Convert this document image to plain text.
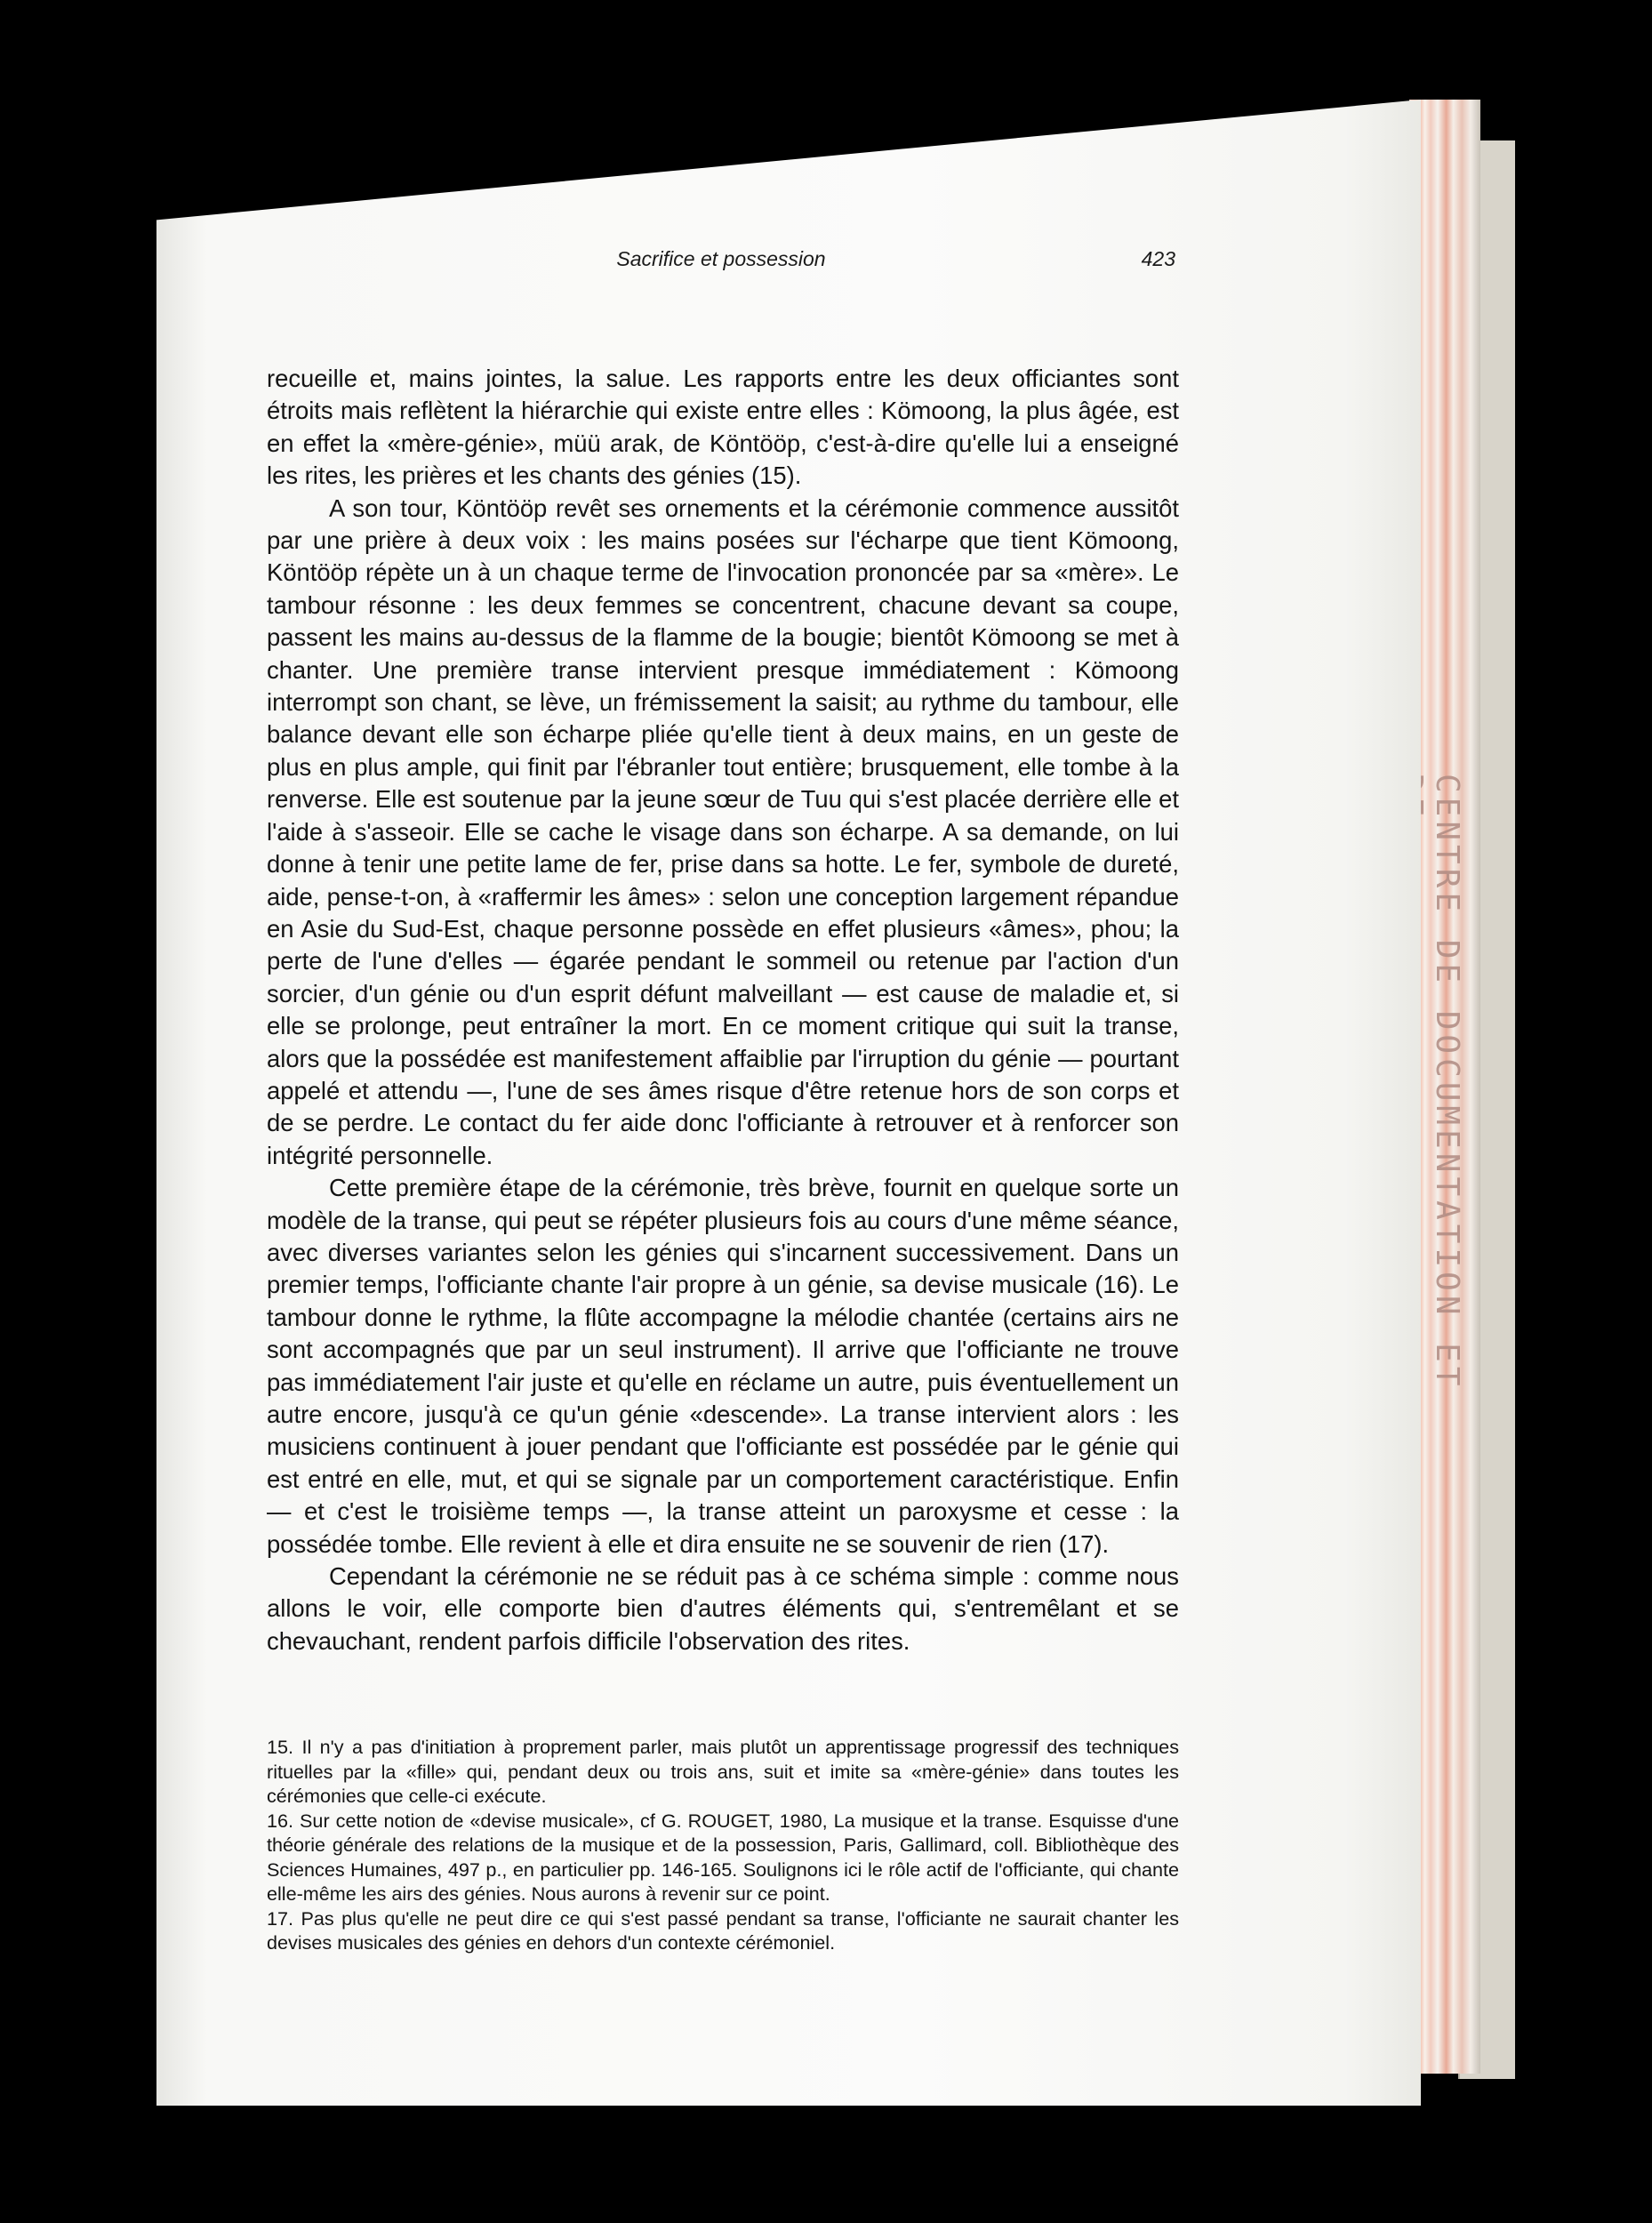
CENTRE DE DOCUMENTATION ET
Sacrifice et possession	423

recueille et, mains jointes, la salue. Les rapports entre les deux officiantes sont étroits mais reflètent la hiérarchie qui existe entre elles : Kömoong, la plus âgée, est en effet la «mère-génie», müü arak, de Köntööp, c'est-à-dire qu'elle lui a enseigné les rites, les prières et les chants des génies (15).

A son tour, Köntööp revêt ses ornements et la cérémonie commence aussitôt par une prière à deux voix : les mains posées sur l'écharpe que tient Kömoong, Köntööp répète un à un chaque terme de l'invocation prononcée par sa «mère». Le tambour résonne : les deux femmes se concentrent, chacune devant sa coupe, passent les mains au-dessus de la flamme de la bougie; bientôt Kömoong se met à chanter. Une première transe intervient presque immédiatement : Kömoong interrompt son chant, se lève, un frémissement la saisit; au rythme du tambour, elle balance devant elle son écharpe pliée qu'elle tient à deux mains, en un geste de plus en plus ample, qui finit par l'ébranler tout entière; brusquement, elle tombe à la renverse. Elle est soutenue par la jeune sœur de Tuu qui s'est placée derrière elle et l'aide à s'asseoir. Elle se cache le visage dans son écharpe. A sa demande, on lui donne à tenir une petite lame de fer, prise dans sa hotte. Le fer, symbole de dureté, aide, pense-t-on, à «raffermir les âmes» : selon une conception largement répandue en Asie du Sud-Est, chaque personne possède en effet plusieurs «âmes», phou; la perte de l'une d'elles — égarée pendant le sommeil ou retenue par l'action d'un sorcier, d'un génie ou d'un esprit défunt malveillant — est cause de maladie et, si elle se prolonge, peut entraîner la mort. En ce moment critique qui suit la transe, alors que la possédée est manifestement affaiblie par l'irruption du génie — pourtant appelé et attendu —, l'une de ses âmes risque d'être retenue hors de son corps et de se perdre. Le contact du fer aide donc l'officiante à retrouver et à renforcer son intégrité personnelle.

Cette première étape de la cérémonie, très brève, fournit en quelque sorte un modèle de la transe, qui peut se répéter plusieurs fois au cours d'une même séance, avec diverses variantes selon les génies qui s'incarnent successivement. Dans un premier temps, l'officiante chante l'air propre à un génie, sa devise musicale (16). Le tambour donne le rythme, la flûte accompagne la mélodie chantée (certains airs ne sont accompagnés que par un seul instrument). Il arrive que l'officiante ne trouve pas immédiatement l'air juste et qu'elle en réclame un autre, puis éventuellement un autre encore, jusqu'à ce qu'un génie «descende». La transe intervient alors : les musiciens continuent à jouer pendant que l'officiante est possédée par le génie qui est entré en elle, mut, et qui se signale par un comportement caractéristique. Enfin — et c'est le troisième temps —, la transe atteint un paroxysme et cesse : la possédée tombe. Elle revient à elle et dira ensuite ne se souvenir de rien (17).

Cependant la cérémonie ne se réduit pas à ce schéma simple : comme nous allons le voir, elle comporte bien d'autres éléments qui, s'entremêlant et se chevauchant, rendent parfois difficile l'observation des rites.

15. Il n'y a pas d'initiation à proprement parler, mais plutôt un apprentissage progressif des techniques rituelles par la «fille» qui, pendant deux ou trois ans, suit et imite sa «mère-génie» dans toutes les cérémonies que celle-ci exécute.

16. Sur cette notion de «devise musicale», cf G. ROUGET, 1980, La musique et la transe. Esquisse d'une théorie générale des relations de la musique et de la possession, Paris, Gallimard, coll. Bibliothèque des Sciences Humaines, 497 p., en particulier pp. 146-165. Soulignons ici le rôle actif de l'officiante, qui chante elle-même les airs des génies. Nous aurons à revenir sur ce point.

17. Pas plus qu'elle ne peut dire ce qui s'est passé pendant sa transe, l'officiante ne saurait chanter les devises musicales des génies en dehors d'un contexte cérémoniel.
